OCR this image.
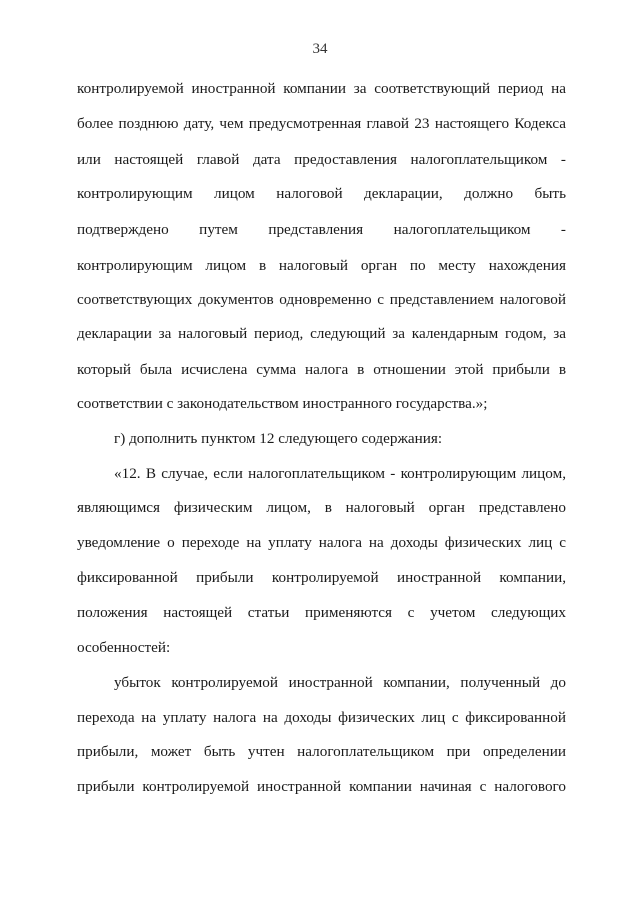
34
контролируемой иностранной компании за соответствующий период на
более позднюю дату, чем предусмотренная главой 23 настоящего Кодекса
или настоящей главой дата предоставления налогоплательщиком -
контролирующим лицом налоговой декларации, должно быть
подтверждено путем представления налогоплательщиком -
контролирующим лицом в налоговый орган по месту нахождения
соответствующих документов одновременно с представлением налоговой
декларации за налоговый период, следующий за календарным годом, за
который была исчислена сумма налога в отношении этой прибыли в
соответствии с законодательством иностранного государства.»;
г) дополнить пунктом 12 следующего содержания:
«12. В случае, если налогоплательщиком - контролирующим лицом,
являющимся физическим лицом, в налоговый орган представлено
уведомление о переходе на уплату налога на доходы физических лиц с
фиксированной прибыли контролируемой иностранной компании,
положения настоящей статьи применяются с учетом следующих
особенностей:
убыток контролируемой иностранной компании, полученный до
перехода на уплату налога на доходы физических лиц с фиксированной
прибыли, может быть учтен налогоплательщиком при определении
прибыли контролируемой иностранной компании начиная с налогового
